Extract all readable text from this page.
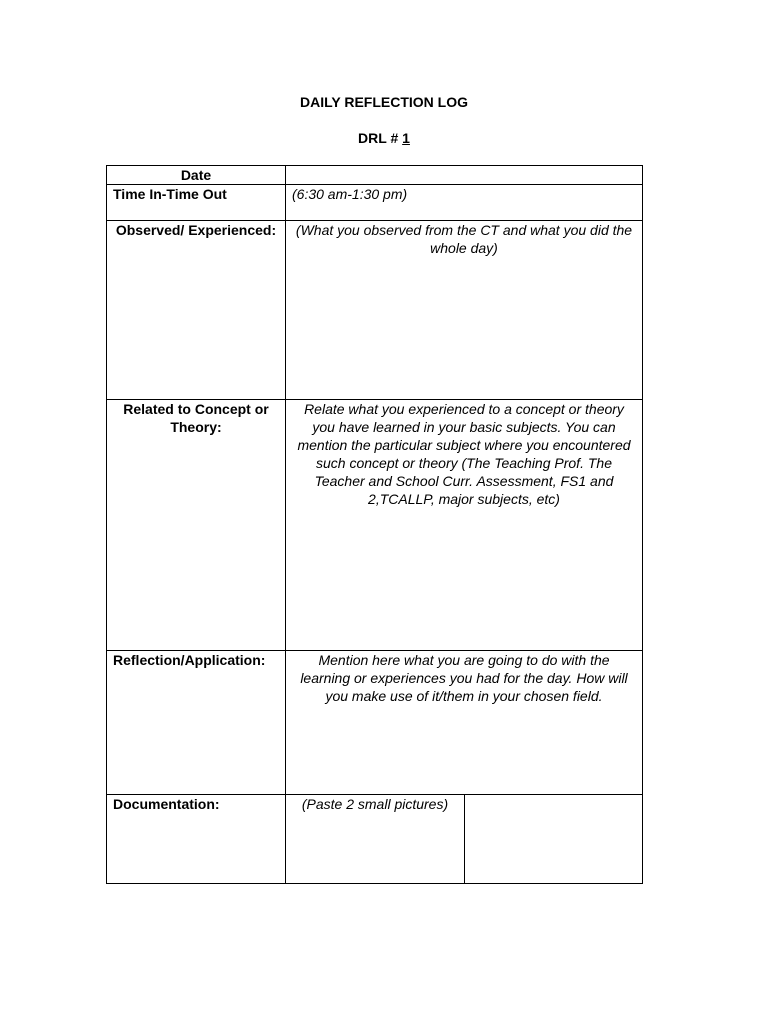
DAILY REFLECTION LOG
DRL # 1
Date		
Time In-Time Out	(6:30 am-1:30 pm)	
Observed/ Experienced:	(What you observed from the CT and what you did the whole day)	
Related to Concept or Theory:	Relate what you experienced to a concept or theory you have learned in your basic subjects. You can mention the particular subject where you encountered such concept or theory (The Teaching Prof. The Teacher and School Curr. Assessment, FS1 and 2,TCALLP, major subjects, etc)	
Reflection/Application:	Mention here what you are going to do with the learning or experiences you had for the day. How will you make use of it/them in your chosen field.	
Documentation:	(Paste 2 small pictures)	
